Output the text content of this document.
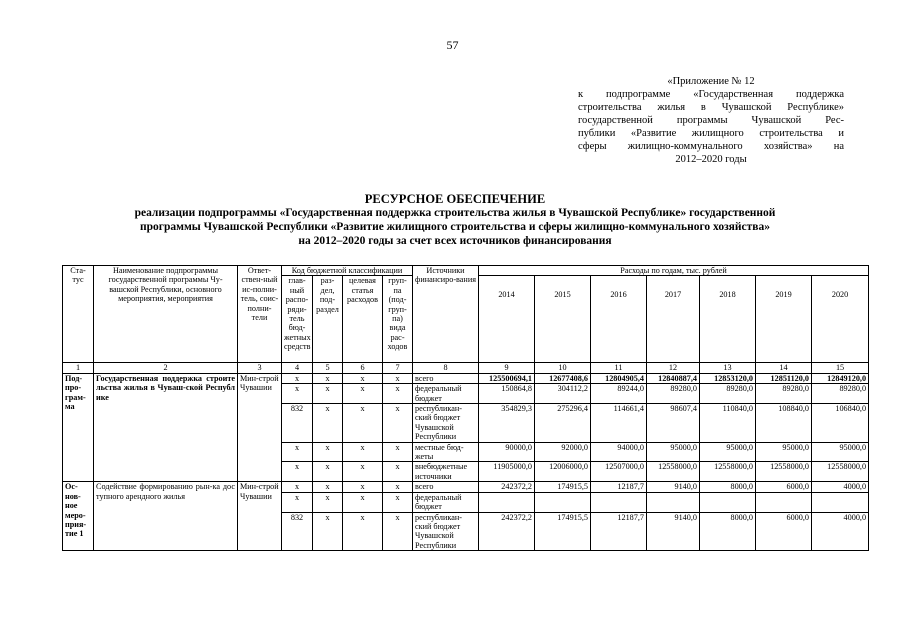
57
«Приложение № 12
к подпрограмме «Государственная поддержка
строительства жилья в Чувашской Республике»
государственной программы Чувашской Рес-
публики «Развитие жилищного строительства и
сферы жилищно-коммунального хозяйства» на
2012–2020 годы
РЕСУРСНОЕ ОБЕСПЕЧЕНИЕ
реализации подпрограммы «Государственная поддержка строительства жилья в Чувашской Республике» государственной
программы Чувашской Республики «Развитие жилищного строительства и сферы жилищно-коммунального хозяйства»
на 2012–2020 годы за счет всех источников финансирования
Ста-тус	Наименование подпрограммы государственной программы Чу-вашской Республики, основного мероприятия, мероприятия	Ответ-ствен-ный ис-полни-тель, соис-полни-тели	Код бюджетной классификации				Источники финансиро-вания	Расходы по годам, тыс. рублей						
			глав-ный распо-ряди-тель бюд-жетных средств	раз-дел, под-раздел	целевая статья расходов	груп-па (под-груп-па) вида рас-ходов		2014	2015	2016	2017	2018	2019	2020
1	2	3	4	5	6	7	8	9	10	11	12	13	14	15
Под-про-грам-ма	Государственная поддержка строительства жилья в Чуваш-ской Республике	Мин-строй Чувашии	х	х	х	х	всего	125500694,1	12677408,6	12804905,4	12840887,4	12853120,0	12851120,0	12849120,0
			х	х	х	х	федеральный бюджет	150864,8	304112,2	89244,0	89280,0	89280,0	89280,0	89280,0
			832	х	х	х	республикан-ский бюджет Чувашской Республики	354829,3	275296,4	114661,4	98607,4	110840,0	108840,0	106840,0
			х	х	х	х	местные бюд-жеты	90000,0	92000,0	94000,0	95000,0	95000,0	95000,0	95000,0
			х	х	х	х	внебюджетные источники	11905000,0	12006000,0	12507000,0	12558000,0	12558000,0	12558000,0	12558000,0
Ос-нов-ное меро-прия-тие 1	Содействие формированию рын-ка доступного арендного жилья	Мин-строй Чувашии	х	х	х	х	всего	242372,2	174915,5	12187,7	9140,0	8000,0	6000,0	4000,0
			х	х	х	х	федеральный бюджет							
			832	х	х	х	республикан-ский бюджет Чувашской Республики	242372,2	174915,5	12187,7	9140,0	8000,0	6000,0	4000,0
